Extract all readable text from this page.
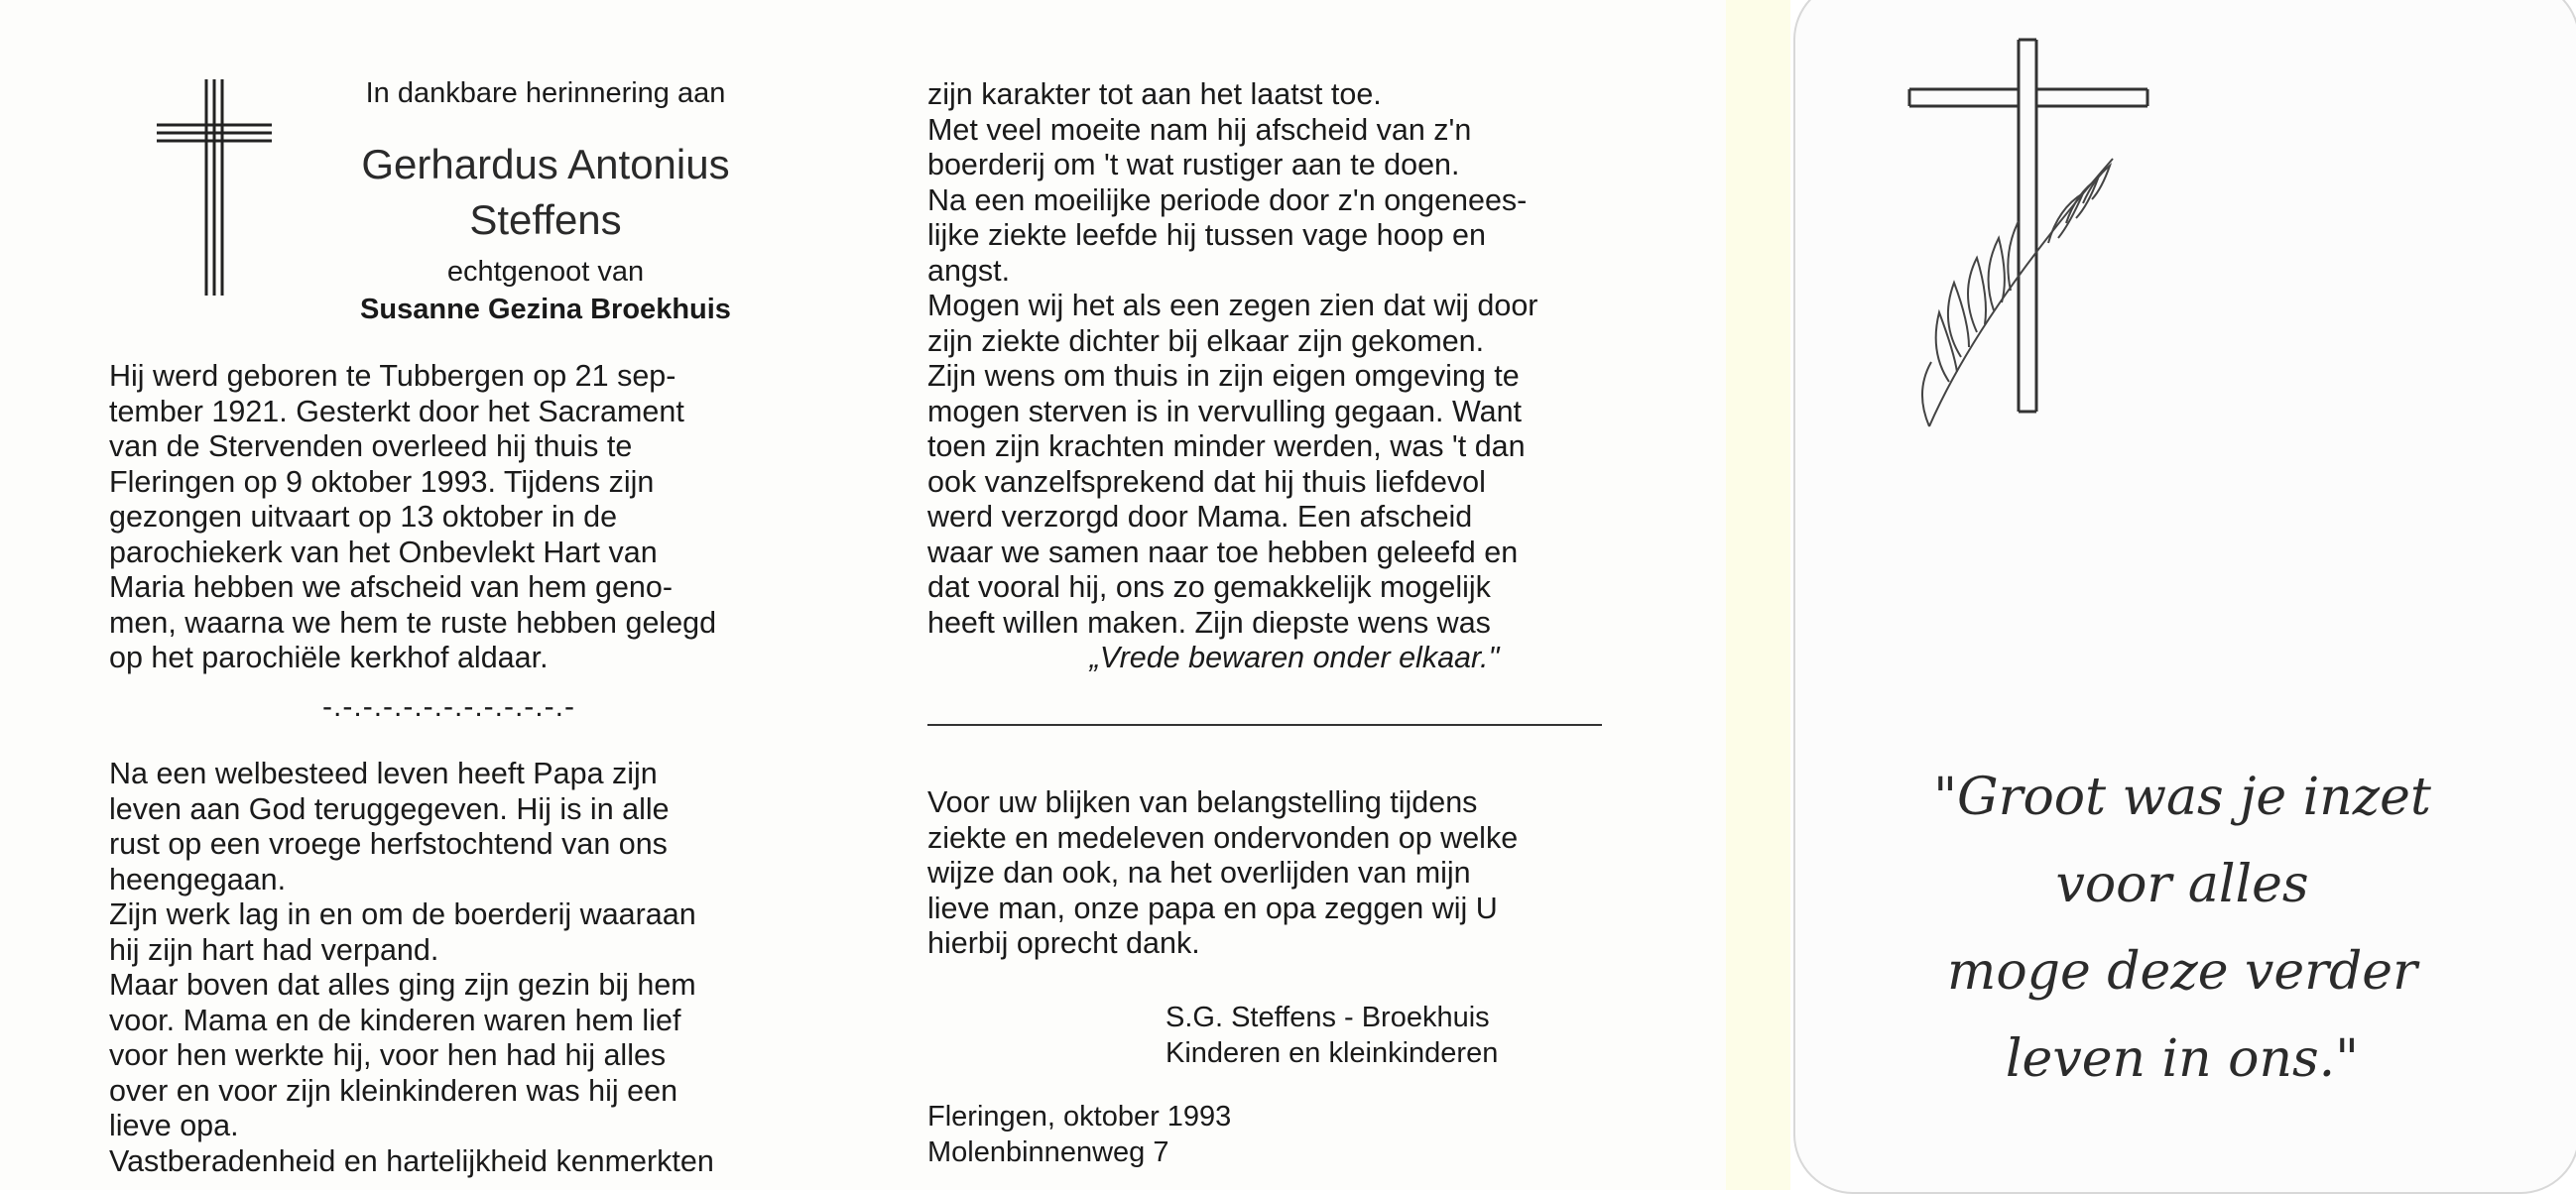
In dankbare herinnering aan
Gerhardus Antonius
Steffens
echtgenoot van
Susanne Gezina Broekhuis
Hij werd geboren te Tubbergen op 21 sep-
tember 1921. Gesterkt door het Sacrament
van de Stervenden overleed hij thuis te
Fleringen op 9 oktober 1993. Tijdens zijn
gezongen uitvaart op 13 oktober in de
parochiekerk van het Onbevlekt Hart van
Maria hebben we afscheid van hem geno-
men, waarna we hem te ruste hebben gelegd
op het parochiële kerkhof aldaar.
-.-.-.-.-.-.-.-.-.-.-.-.-
Na een welbesteed leven heeft Papa zijn
leven aan God teruggegeven. Hij is in alle
rust op een vroege herfstochtend van ons
heengegaan.
Zijn werk lag in en om de boerderij waaraan
hij zijn hart had verpand.
Maar boven dat alles ging zijn gezin bij hem
voor. Mama en de kinderen waren hem lief
voor hen werkte hij, voor hen had hij alles
over en voor zijn kleinkinderen was hij een
lieve opa.
Vastberadenheid en hartelijkheid kenmerkten
zijn karakter tot aan het laatst toe.
Met veel moeite nam hij afscheid van z'n
boerderij om 't wat rustiger aan te doen.
Na een moeilijke periode door z'n ongenees-
lijke ziekte leefde hij tussen vage hoop en
angst.
Mogen wij het als een zegen zien dat wij door
zijn ziekte dichter bij elkaar zijn gekomen.
Zijn wens om thuis in zijn eigen omgeving te
mogen sterven is in vervulling gegaan. Want
toen zijn krachten minder werden, was 't dan
ook vanzelfsprekend dat hij thuis liefdevol
werd verzorgd door Mama. Een afscheid
waar we samen naar toe hebben geleefd en
dat vooral hij, ons zo gemakkelijk mogelijk
heeft willen maken. Zijn diepste wens was
„Vrede bewaren onder elkaar."
Voor uw blijken van belangstelling tijdens
ziekte en medeleven ondervonden op welke
wijze dan ook, na het overlijden van mijn
lieve man, onze papa en opa zeggen wij U
hierbij oprecht dank.
S.G. Steffens - Broekhuis
Kinderen en kleinkinderen
Fleringen, oktober 1993
Molenbinnenweg 7
"Groot was je inzet
voor alles
moge deze verder
leven in ons."
